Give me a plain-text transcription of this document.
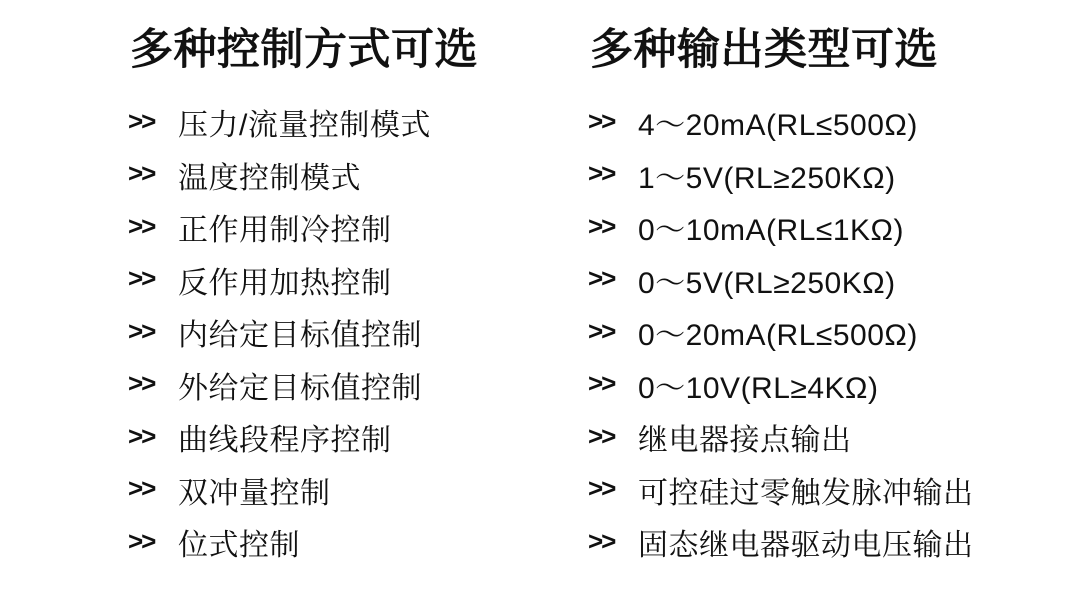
多种控制方式可选
>> 压力/流量控制模式
>> 温度控制模式
>> 正作用制冷控制
>> 反作用加热控制
>> 内给定目标值控制
>> 外给定目标值控制
>> 曲线段程序控制
>> 双冲量控制
>> 位式控制
多种输出类型可选
>> 4～20mA(RL≤500Ω)
>> 1～5V(RL≥250KΩ)
>> 0～10mA(RL≤1KΩ)
>> 0～5V(RL≥250KΩ)
>> 0～20mA(RL≤500Ω)
>> 0～10V(RL≥4KΩ)
>> 继电器接点输出
>> 可控硅过零触发脉冲输出
>> 固态继电器驱动电压输出
